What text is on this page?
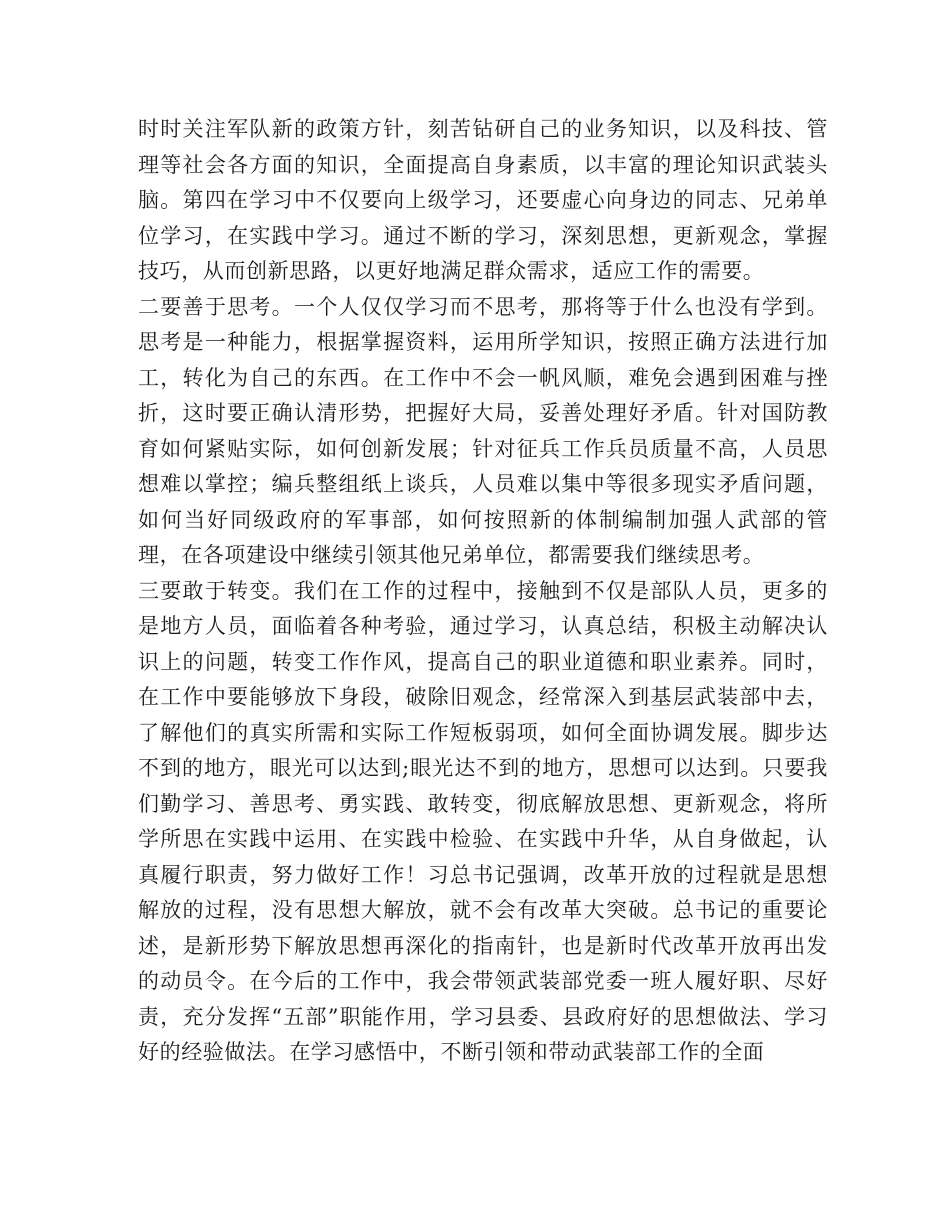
时时关注军队新的政策方针，刻苦钻研自己的业务知识，以及科技、管理等社会各方面的知识，全面提高自身素质，以丰富的理论知识武装头脑。第四在学习中不仅要向上级学习，还要虚心向身边的同志、兄弟单位学习，在实践中学习。通过不断的学习，深刻思想，更新观念，掌握技巧，从而创新思路，以更好地满足群众需求，适应工作的需要。

二要善于思考。一个人仅仅学习而不思考，那将等于什么也没有学到。思考是一种能力，根据掌握资料，运用所学知识，按照正确方法进行加工，转化为自己的东西。在工作中不会一帆风顺，难免会遇到困难与挫折，这时要正确认清形势，把握好大局，妥善处理好矛盾。针对国防教育如何紧贴实际，如何创新发展；针对征兵工作兵员质量不高，人员思想难以掌控；编兵整组纸上谈兵，人员难以集中等很多现实矛盾问题，如何当好同级政府的军事部，如何按照新的体制编制加强人武部的管理，在各项建设中继续引领其他兄弟单位，都需要我们继续思考。

三要敢于转变。我们在工作的过程中，接触到不仅是部队人员，更多的是地方人员，面临着各种考验，通过学习，认真总结，积极主动解决认识上的问题，转变工作作风，提高自己的职业道德和职业素养。同时，在工作中要能够放下身段，破除旧观念，经常深入到基层武装部中去，了解他们的真实所需和实际工作短板弱项，如何全面协调发展。脚步达不到的地方，眼光可以达到;眼光达不到的地方，思想可以达到。只要我们勤学习、善思考、勇实践、敢转变，彻底解放思想、更新观念，将所学所思在实践中运用、在实践中检验、在实践中升华，从自身做起，认真履行职责，努力做好工作！习总书记强调，改革开放的过程就是思想解放的过程，没有思想大解放，就不会有改革大突破。总书记的重要论述，是新形势下解放思想再深化的指南针，也是新时代改革开放再出发的动员令。在今后的工作中，我会带领武装部党委一班人履好职、尽好责，充分发挥“五部”职能作用，学习县委、县政府好的思想做法、学习好的经验做法。在学习感悟中，不断引领和带动武装部工作的全面
